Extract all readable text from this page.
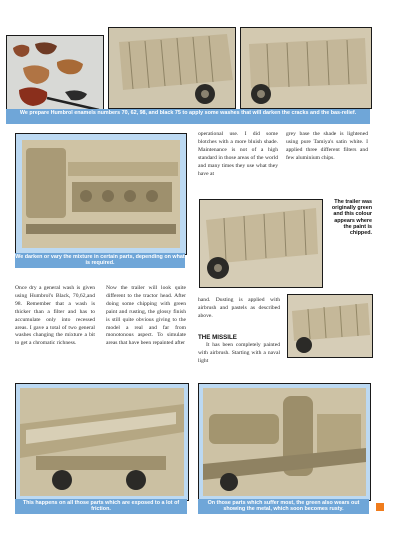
We prepare Humbrol enamels numbers 70, 62, 98, and black 75 to apply some washes that will darken the cracks and the bas-relief.
We darken or vary the mixture in certain parts, depending on what is required.
operational use. I did some blotches with a more bluish shade. Maintenance is not of a high standard in those areas of the world and many times they use what they have at
grey base the shade is lightened using pure Tamiya's satin white. I applied three different filters and few aluminium chips.
The trailer was originally green and this colour appears where the paint is chipped.
Once dry a general wash is given using Humbrol's Black, 70,62,and 98. Remember that a wash is thicker than a filter and has to accumulate only into recessed areas. I gave a total of two general washes changing the mixture a bit to get a chromatic richness.
Now the trailer will look quite different to the tractor head. After doing some chipping with green paint and rusting, the glossy finish is still quite obvious giving to the model a real and far from monotonous aspect. To simulate areas that have been repainted after
hand. Dusting is applied with airbrush and pastels as described above.
THE MISSILE
It has been completely painted with airbrush. Starting with a naval light
This happens on all those parts which are exposed to a lot of friction.
On those parts which suffer most, the green also wears out showing the metal, which soon becomes rusty.
